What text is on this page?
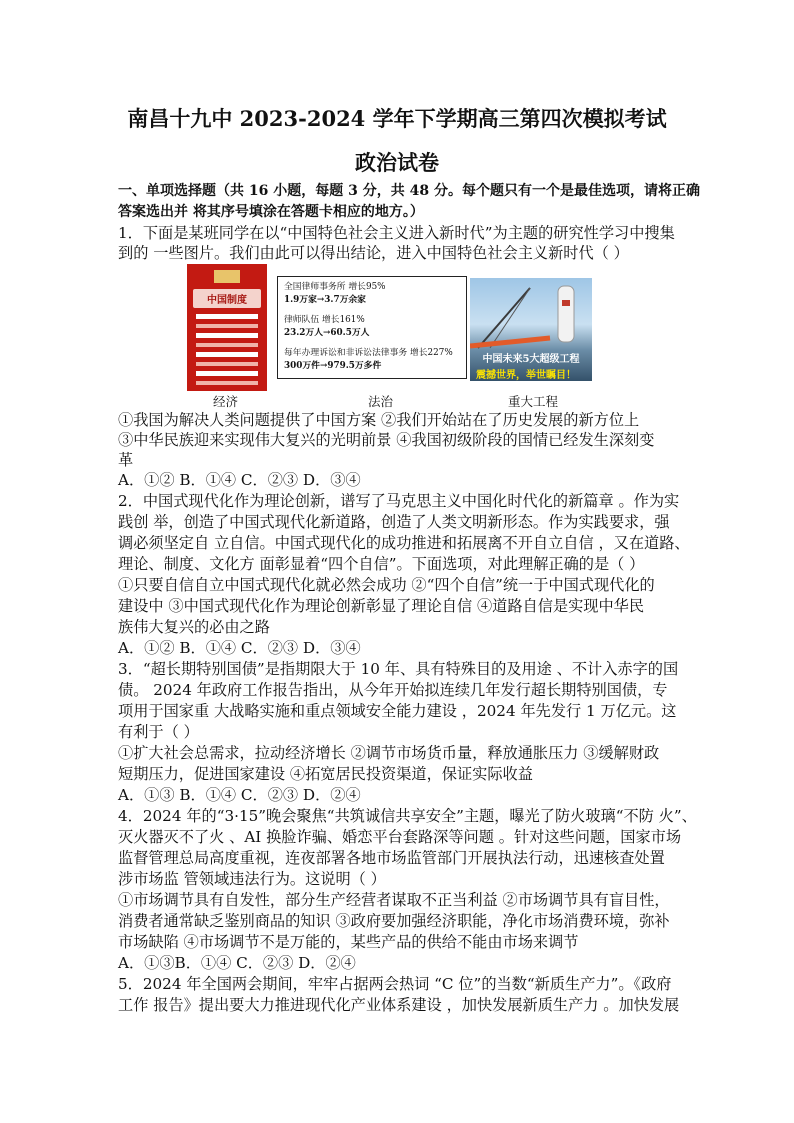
南昌十九中 2023-2024 学年下学期高三第四次模拟考试
政治试卷
一、单项选择题（共 16 小题，每题 3 分，共 48 分。每个题只有一个是最佳选项，请将正确
答案选出并 将其序号填涂在答题卡相应的地方。）
1．下面是某班同学在以“中国特色社会主义进入新时代”为主题的研究性学习中搜集
到的 一些图片。我们由此可以得出结论，进入中国特色社会主义新时代（ ）
中国制度
全国律师事务所 增长95%
1.9万家→3.7万余家
律师队伍 增长161%
23.2万人→60.5万人
每年办理诉讼和非诉讼法律事务 增长227%
300万件→979.5万多件
中国未来5大超级工程
震撼世界，举世瞩目！
经济	法治	重大工程
①我国为解决人类问题提供了中国方案 ②我们开始站在了历史发展的新方位上
③中华民族迎来实现伟大复兴的光明前景 ④我国初级阶段的国情已经发生深刻变
革
A．①② B．①④ C．②③ D．③④
2．中国式现代化作为理论创新，谱写了马克思主义中国化时代化的新篇章 。作为实
践创 举，创造了中国式现代化新道路，创造了人类文明新形态。作为实践要求，强
调必须坚定自 立自信。中国式现代化的成功推进和拓展离不开自立自信 ，又在道路、
理论、制度、文化方 面彰显着“四个自信”。下面选项，对此理解正确的是（ ）
①只要自信自立中国式现代化就必然会成功 ②“四个自信”统一于中国式现代化的
建设中 ③中国式现代化作为理论创新彰显了理论自信 ④道路自信是实现中华民
族伟大复兴的必由之路
A．①② B．①④ C．②③ D．③④
3．“超长期特别国债”是指期限大于 10 年、具有特殊目的及用途 、不计入赤字的国
债。 2024 年政府工作报告指出，从今年开始拟连续几年发行超长期特别国债，专
项用于国家重 大战略实施和重点领域安全能力建设 ，2024 年先发行 1 万亿元。这
有利于（ ）
①扩大社会总需求，拉动经济增长 ②调节市场货币量，释放通胀压力 ③缓解财政
短期压力，促进国家建设 ④拓宽居民投资渠道，保证实际收益
A．①③ B．①④ C．②③ D．②④
4．2024 年的“3·15”晚会聚焦“共筑诚信共享安全”主题，曝光了防火玻璃“不防 火”、
灭火器灭不了火 、AI 换脸诈骗、婚恋平台套路深等问题 。针对这些问题，国家市场
监督管理总局高度重视，连夜部署各地市场监管部门开展执法行动，迅速核查处置
涉市场监 管领域违法行为。这说明（ ）
①市场调节具有自发性，部分生产经营者谋取不正当利益 ②市场调节具有盲目性，
消费者通常缺乏鉴别商品的知识 ③政府要加强经济职能，净化市场消费环境，弥补
市场缺陷 ④市场调节不是万能的，某些产品的供给不能由市场来调节
A．①③B．①④ C．②③ D．②④
5．2024 年全国两会期间，牢牢占据两会热词 “C 位”的当数“新质生产力”。《政府
工作 报告》提出要大力推进现代化产业体系建设 ，加快发展新质生产力 。加快发展
